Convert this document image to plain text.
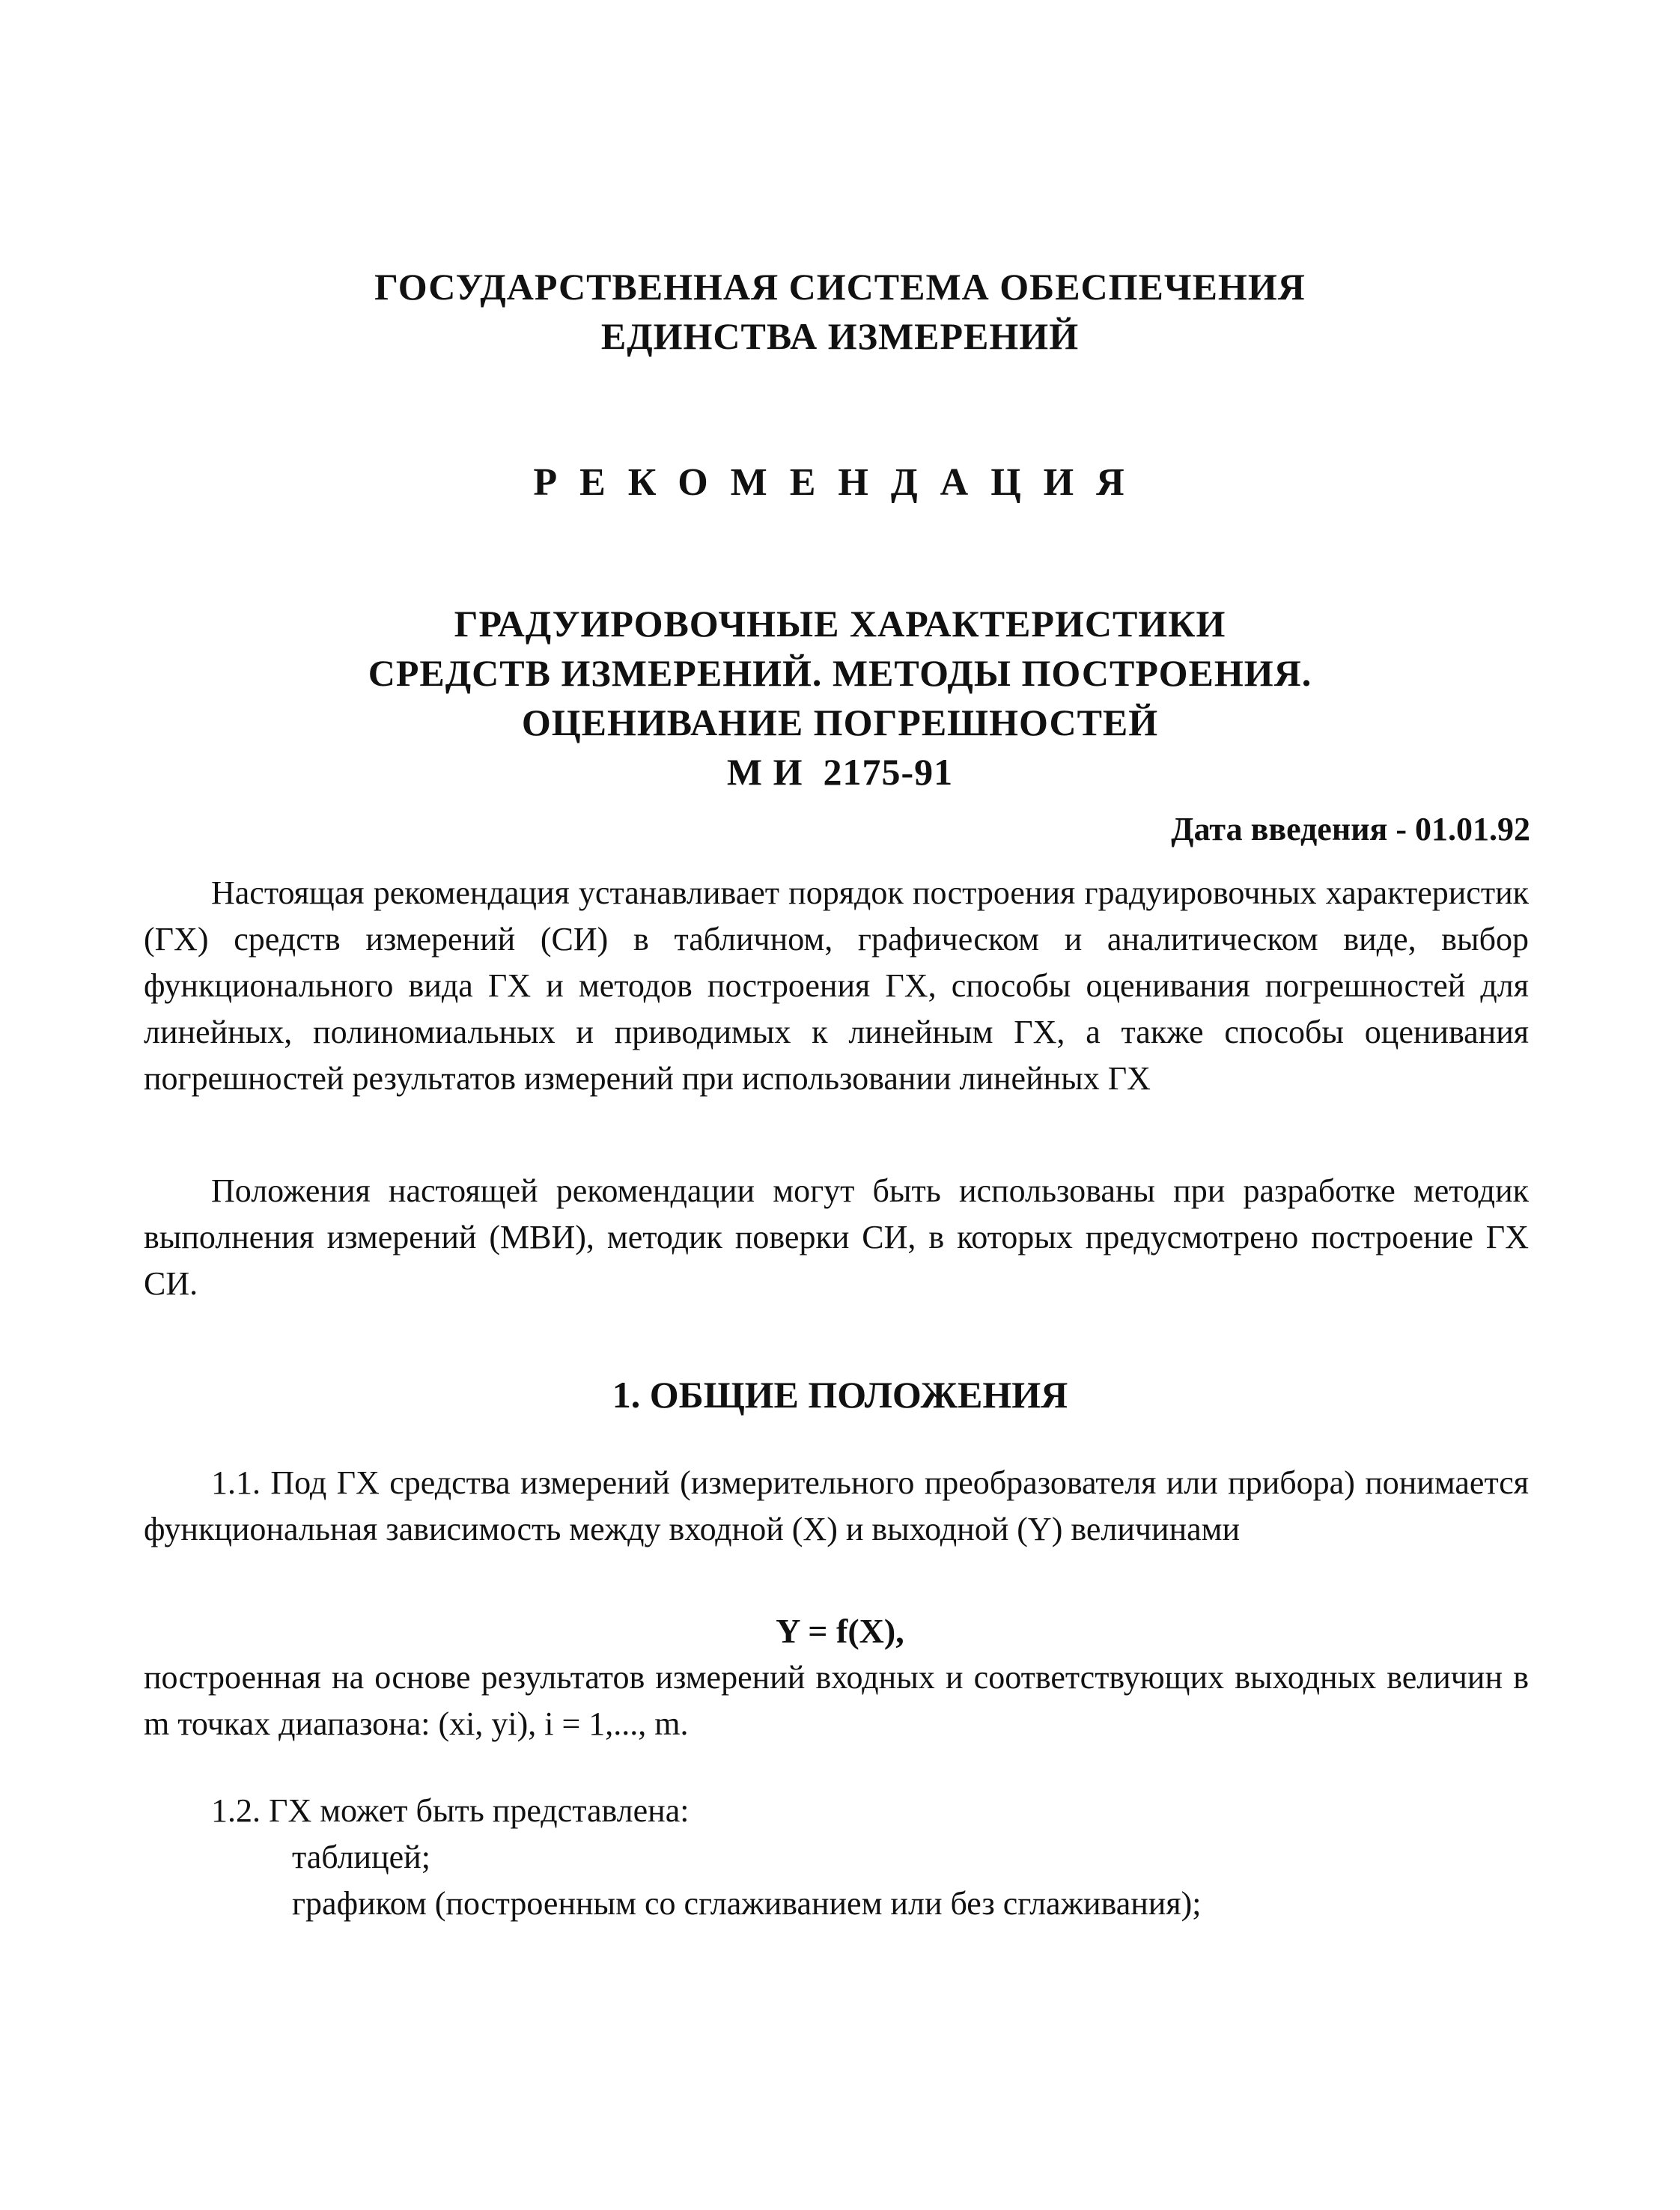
ГОСУДАРСТВЕННАЯ СИСТЕМА ОБЕСПЕЧЕНИЯ
ЕДИНСТВА ИЗМЕРЕНИЙ
РЕКОМЕНДАЦИЯ
ГРАДУИРОВОЧНЫЕ ХАРАКТЕРИСТИКИ
СРЕДСТВ ИЗМЕРЕНИЙ. МЕТОДЫ ПОСТРОЕНИЯ.
ОЦЕНИВАНИЕ ПОГРЕШНОСТЕЙ
М И  2175-91
Дата введения - 01.01.92

Настоящая рекомендация устанавливает порядок построения градуировочных характеристик (ГХ) средств измерений (СИ) в табличном, графическом и аналитическом виде, выбор функционального вида ГХ и методов построения ГХ, способы оценивания погрешностей для линейных, полиномиальных и приводимых к линейным ГХ, а также способы оценивания погрешностей результатов измерений при использовании линейных ГХ

Положения настоящей рекомендации могут быть использованы при разработке методик выполнения измерений (МВИ), методик поверки СИ, в которых предусмотрено построение ГХ СИ.

1. ОБЩИЕ ПОЛОЖЕНИЯ

1.1. Под ГХ средства измерений (измерительного преобразователя или прибора) понимается функциональная зависимость между входной (X) и выходной (Y) величинами

Y = f(X),

построенная на основе результатов измерений входных и соответствующих выходных величин в m точках диапазона: (xi, yi), i = 1,..., m.

1.2. ГХ может быть представлена:
таблицей;
графиком (построенным со сглаживанием или без сглаживания);
